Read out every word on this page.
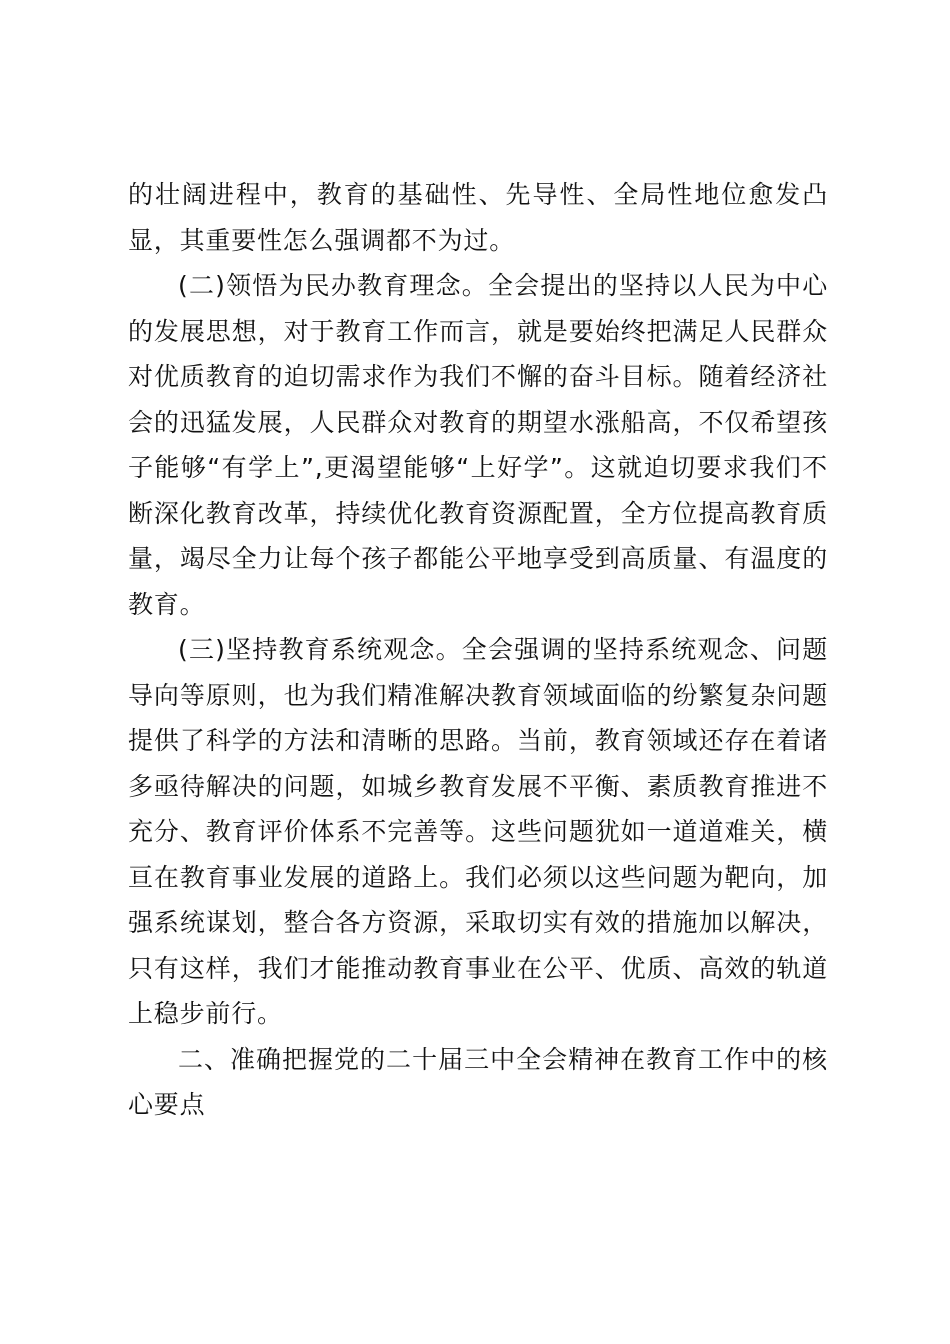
的壮阔进程中，教育的基础性、先导性、全局性地位愈发凸显，其重要性怎么强调都不为过。

(二)领悟为民办教育理念。全会提出的坚持以人民为中心的发展思想，对于教育工作而言，就是要始终把满足人民群众对优质教育的迫切需求作为我们不懈的奋斗目标。随着经济社会的迅猛发展，人民群众对教育的期望水涨船高，不仅希望孩子能够“有学上”,更渴望能够“上好学”。这就迫切要求我们不断深化教育改革，持续优化教育资源配置，全方位提高教育质量，竭尽全力让每个孩子都能公平地享受到高质量、有温度的教育。

(三)坚持教育系统观念。全会强调的坚持系统观念、问题导向等原则，也为我们精准解决教育领域面临的纷繁复杂问题提供了科学的方法和清晰的思路。当前，教育领域还存在着诸多亟待解决的问题，如城乡教育发展不平衡、素质教育推进不充分、教育评价体系不完善等。这些问题犹如一道道难关，横亘在教育事业发展的道路上。我们必须以这些问题为靶向，加强系统谋划，整合各方资源，采取切实有效的措施加以解决，只有这样，我们才能推动教育事业在公平、优质、高效的轨道上稳步前行。

二、准确把握党的二十届三中全会精神在教育工作中的核心要点
